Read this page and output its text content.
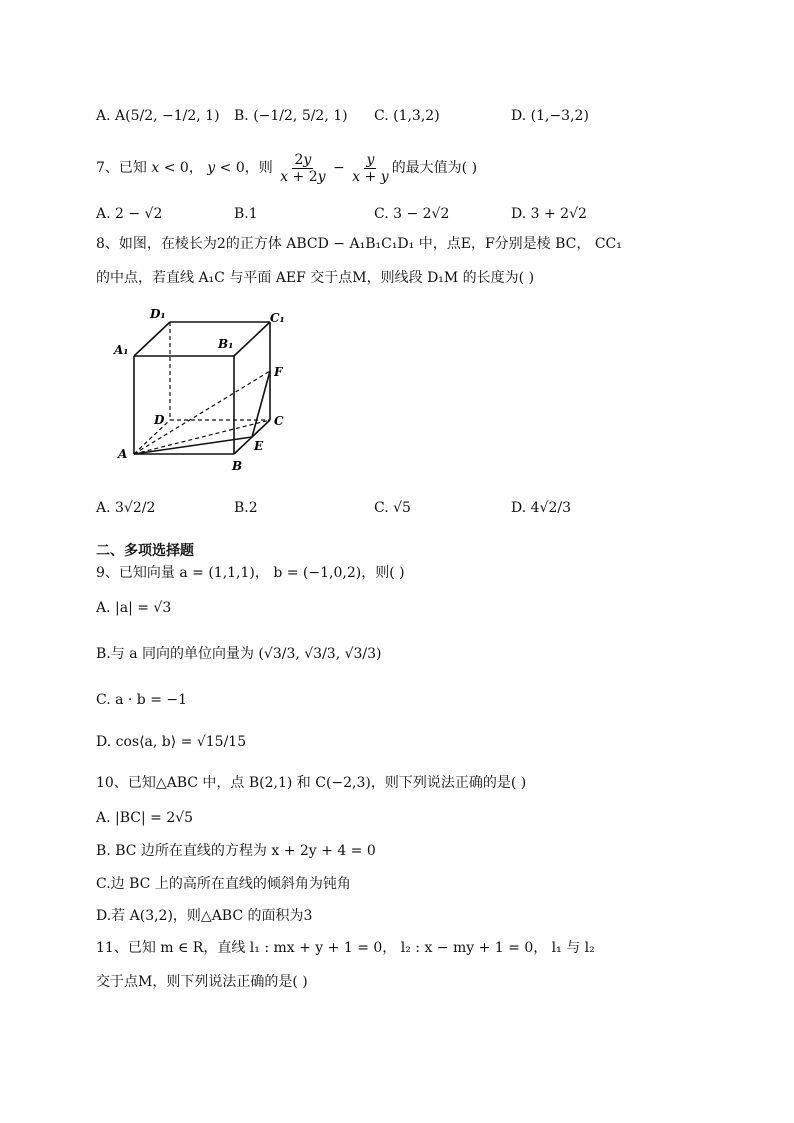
A. A(5/2, −1/2, 1) B. (−1/2, 5/2, 1) C. (1,3,2)	D. (1,−3,2)
7、已知 x < 0， y < 0，则 $\frac{2y}{x + 2y} - \frac{y}{x + y}$ 的最大值为( )
A. 2 − √2	B.1	C. 3 − 2√2	D. 3 + 2√2
8、如图，在棱长为2的正方体 ABCD − A₁B₁C₁D₁ 中，点E，F分别是棱 BC， CC₁
的中点，若直线 A₁C 与平面 AEF 交于点M，则线段 D₁M 的长度为( )
D₁	C₁
A₁	B₁
F
D	C
A
E
B
A. 3√2/2	B.2	C. √5	D. 4√2/3
二、多项选择题
9、已知向量 a = (1,1,1)， b = (−1,0,2)，则( )
A. |a| = √3
B.与 a 同向的单位向量为 (√3/3, √3/3, √3/3)
C. a · b = −1
D. cos⟨a, b⟩ = √15/15
10、已知△ABC 中，点 B(2,1) 和 C(−2,3)，则下列说法正确的是( )
A. |BC| = 2√5
B. BC 边所在直线的方程为 x + 2y + 4 = 0
C.边 BC 上的高所在直线的倾斜角为钝角
D.若 A(3,2)，则△ABC 的面积为3
11、已知 m ∈ R，直线 l₁ : mx + y + 1 = 0， l₂ : x − my + 1 = 0， l₁ 与 l₂
交于点M，则下列说法正确的是( )
